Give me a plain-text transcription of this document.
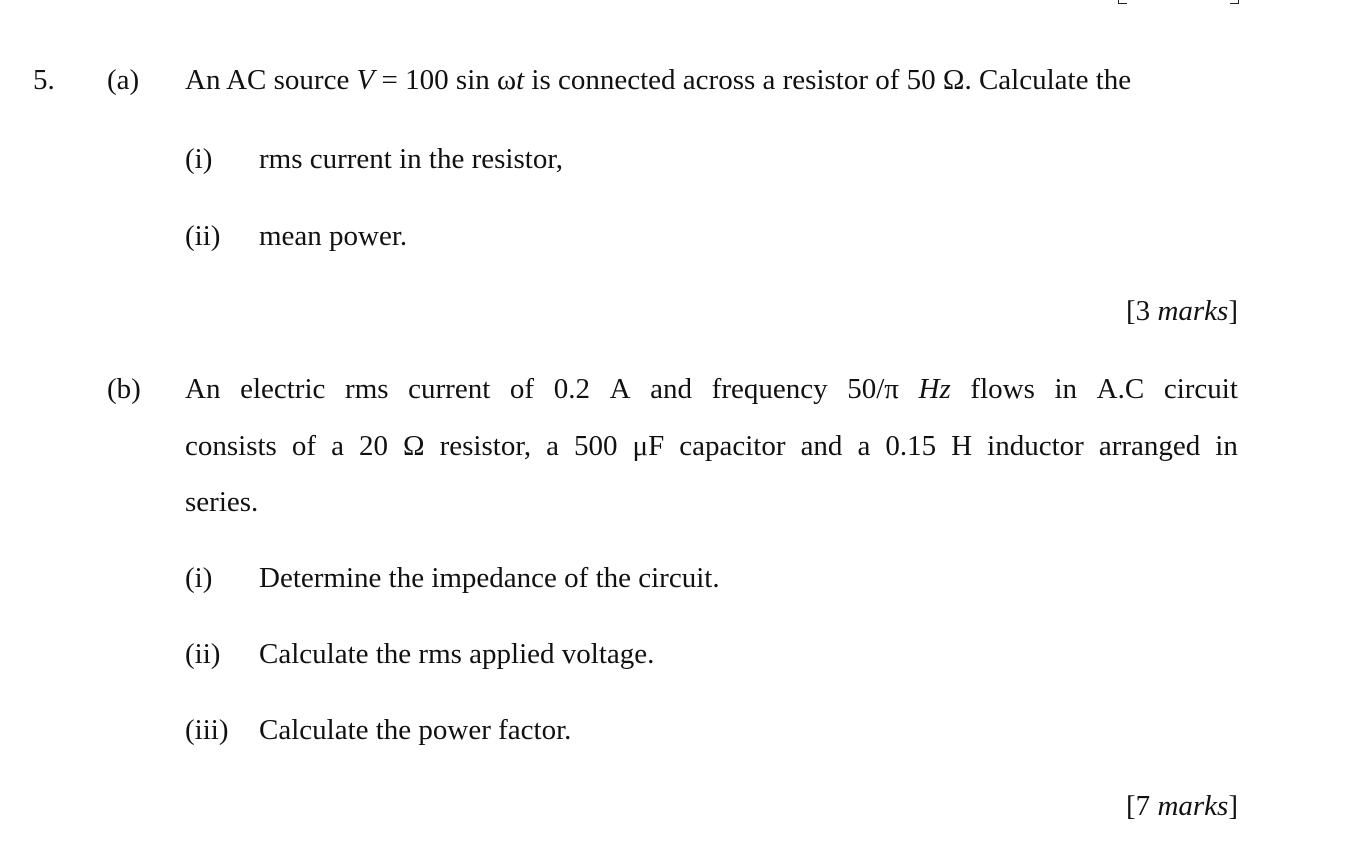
5. (a) An AC source V = 100 sin ωt is connected across a resistor of 50 Ω. Calculate the
(i) rms current in the resistor,
(ii) mean power.
[3 marks]
(b) An electric rms current of 0.2 A and frequency 50/π Hz flows in A.C circuit
consists of a 20 Ω resistor, a 500 μF capacitor and a 0.15 H inductor arranged in
series.
(i) Determine the impedance of the circuit.
(ii) Calculate the rms applied voltage.
(iii) Calculate the power factor.
[7 marks]
